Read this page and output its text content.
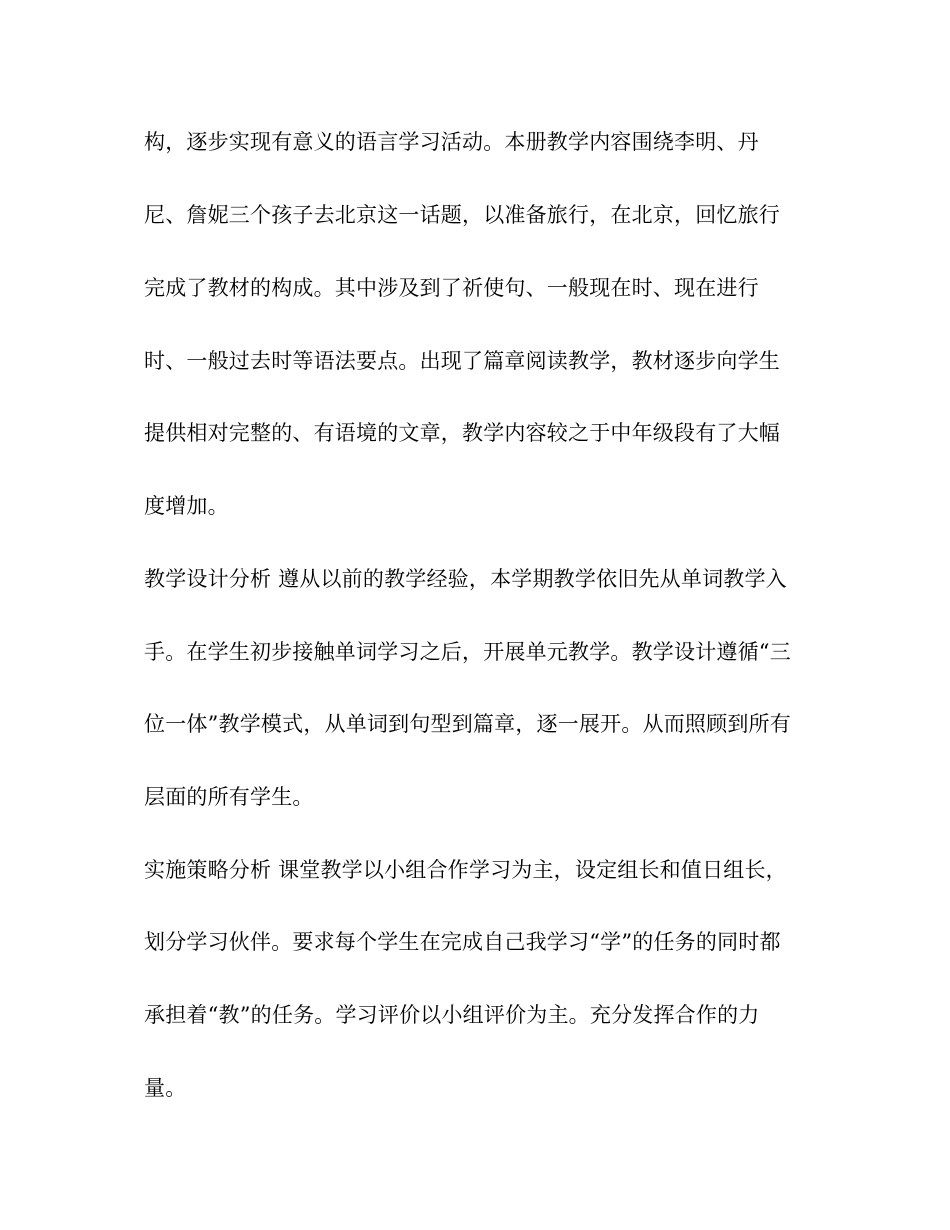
构，逐步实现有意义的语言学习活动。本册教学内容围绕李明、丹
尼、詹妮三个孩子去北京这一话题，以准备旅行，在北京，回忆旅行
完成了教材的构成。其中涉及到了祈使句、一般现在时、现在进行
时、一般过去时等语法要点。出现了篇章阅读教学，教材逐步向学生
提供相对完整的、有语境的文章，教学内容较之于中年级段有了大幅
度增加。
教学设计分析 遵从以前的教学经验，本学期教学依旧先从单词教学入
手。在学生初步接触单词学习之后，开展单元教学。教学设计遵循“三
位一体”教学模式，从单词到句型到篇章，逐一展开。从而照顾到所有
层面的所有学生。
实施策略分析 课堂教学以小组合作学习为主，设定组长和值日组长，
划分学习伙伴。要求每个学生在完成自己我学习“学”的任务的同时都
承担着“教”的任务。学习评价以小组评价为主。充分发挥合作的力
量。
